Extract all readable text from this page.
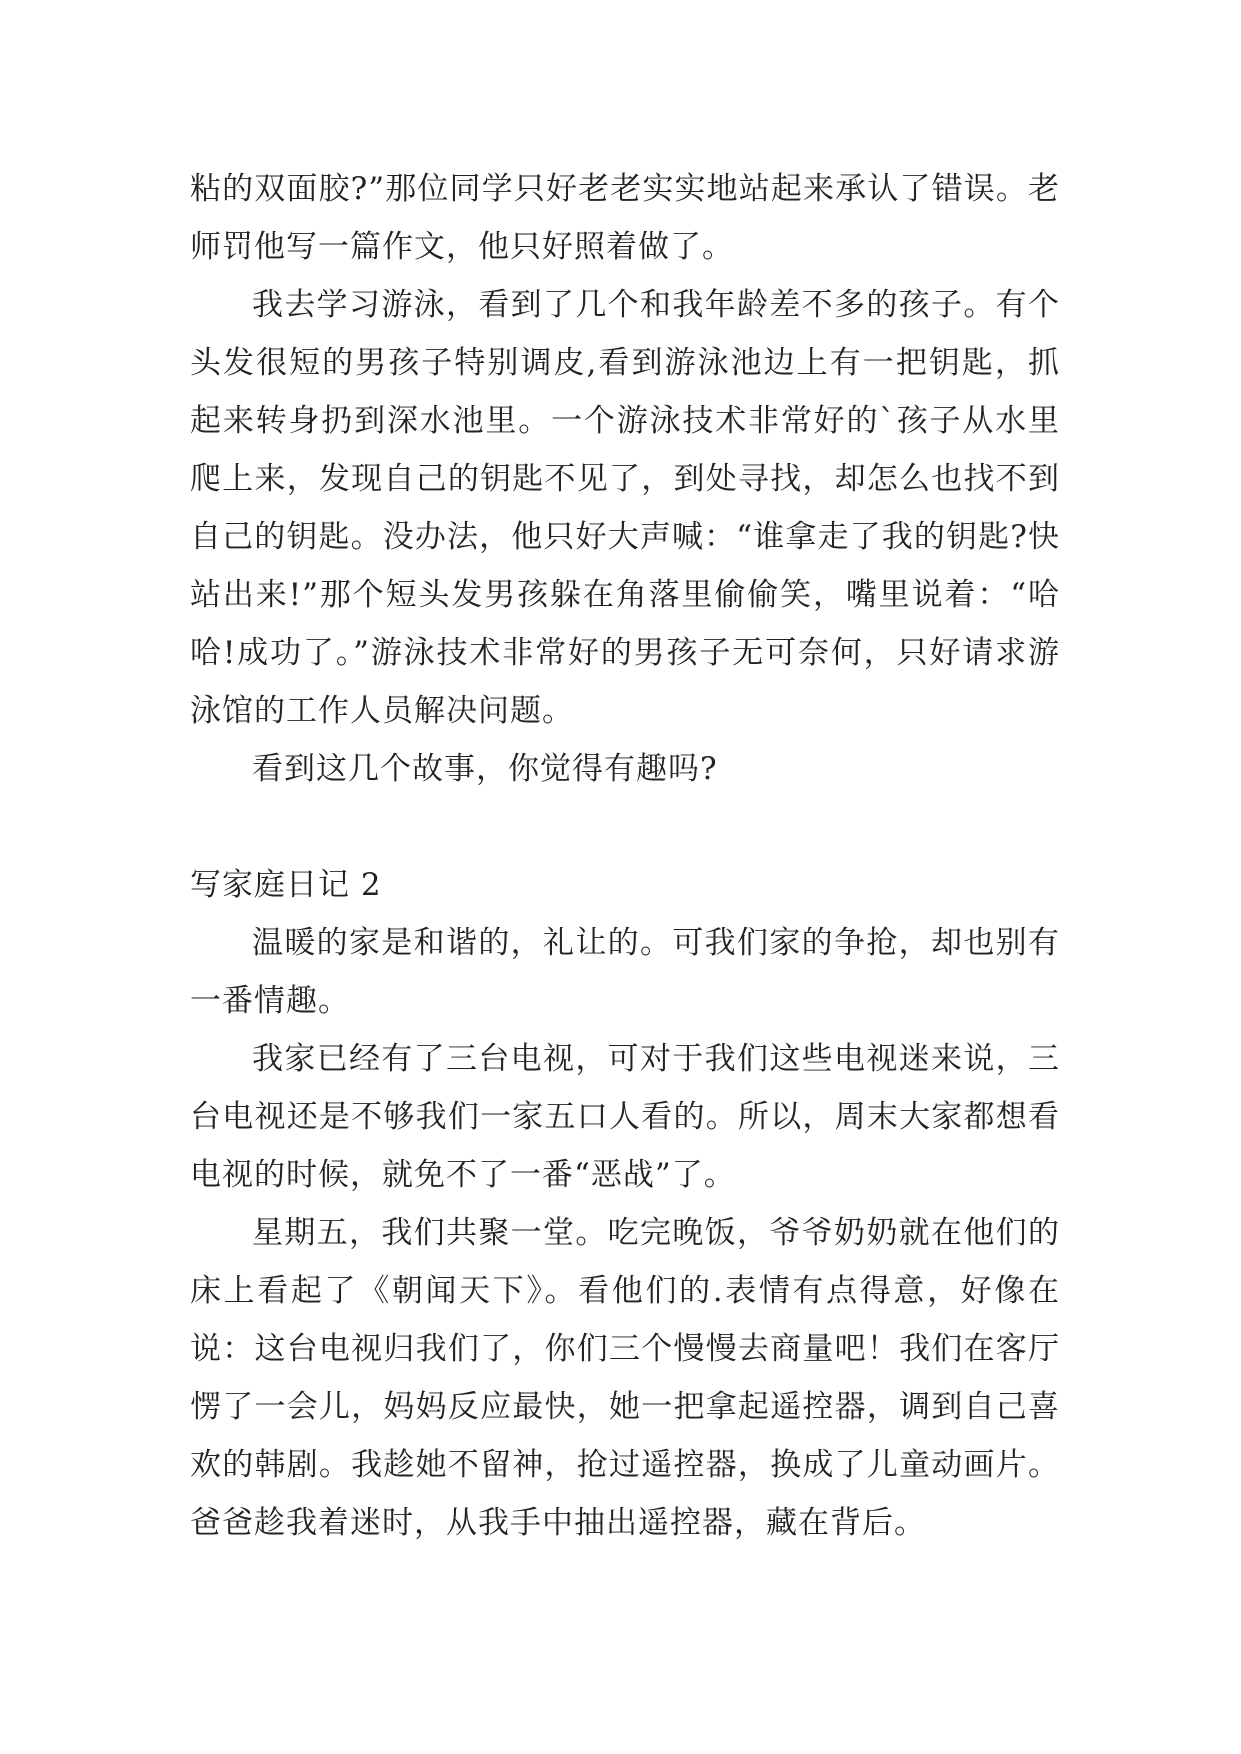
粘的双面胶?”那位同学只好老老实实地站起来承认了错误。老师罚他写一篇作文，他只好照着做了。

我去学习游泳，看到了几个和我年龄差不多的孩子。有个头发很短的男孩子特别调皮,看到游泳池边上有一把钥匙，抓起来转身扔到深水池里。一个游泳技术非常好的`孩子从水里爬上来，发现自己的钥匙不见了，到处寻找，却怎么也找不到自己的钥匙。没办法，他只好大声喊：“谁拿走了我的钥匙?快站出来!”那个短头发男孩躲在角落里偷偷笑，嘴里说着：“哈哈!成功了。”游泳技术非常好的男孩子无可奈何，只好请求游泳馆的工作人员解决问题。

看到这几个故事，你觉得有趣吗?

写家庭日记 2

温暖的家是和谐的，礼让的。可我们家的争抢，却也别有一番情趣。

我家已经有了三台电视，可对于我们这些电视迷来说，三台电视还是不够我们一家五口人看的。所以，周末大家都想看电视的时候，就免不了一番“恶战”了。

星期五，我们共聚一堂。吃完晚饭，爷爷奶奶就在他们的床上看起了《朝闻天下》。看他们的.表情有点得意，好像在说：这台电视归我们了，你们三个慢慢去商量吧！我们在客厅愣了一会儿，妈妈反应最快，她一把拿起遥控器，调到自己喜欢的韩剧。我趁她不留神，抢过遥控器，换成了儿童动画片。爸爸趁我着迷时，从我手中抽出遥控器，藏在背后。
